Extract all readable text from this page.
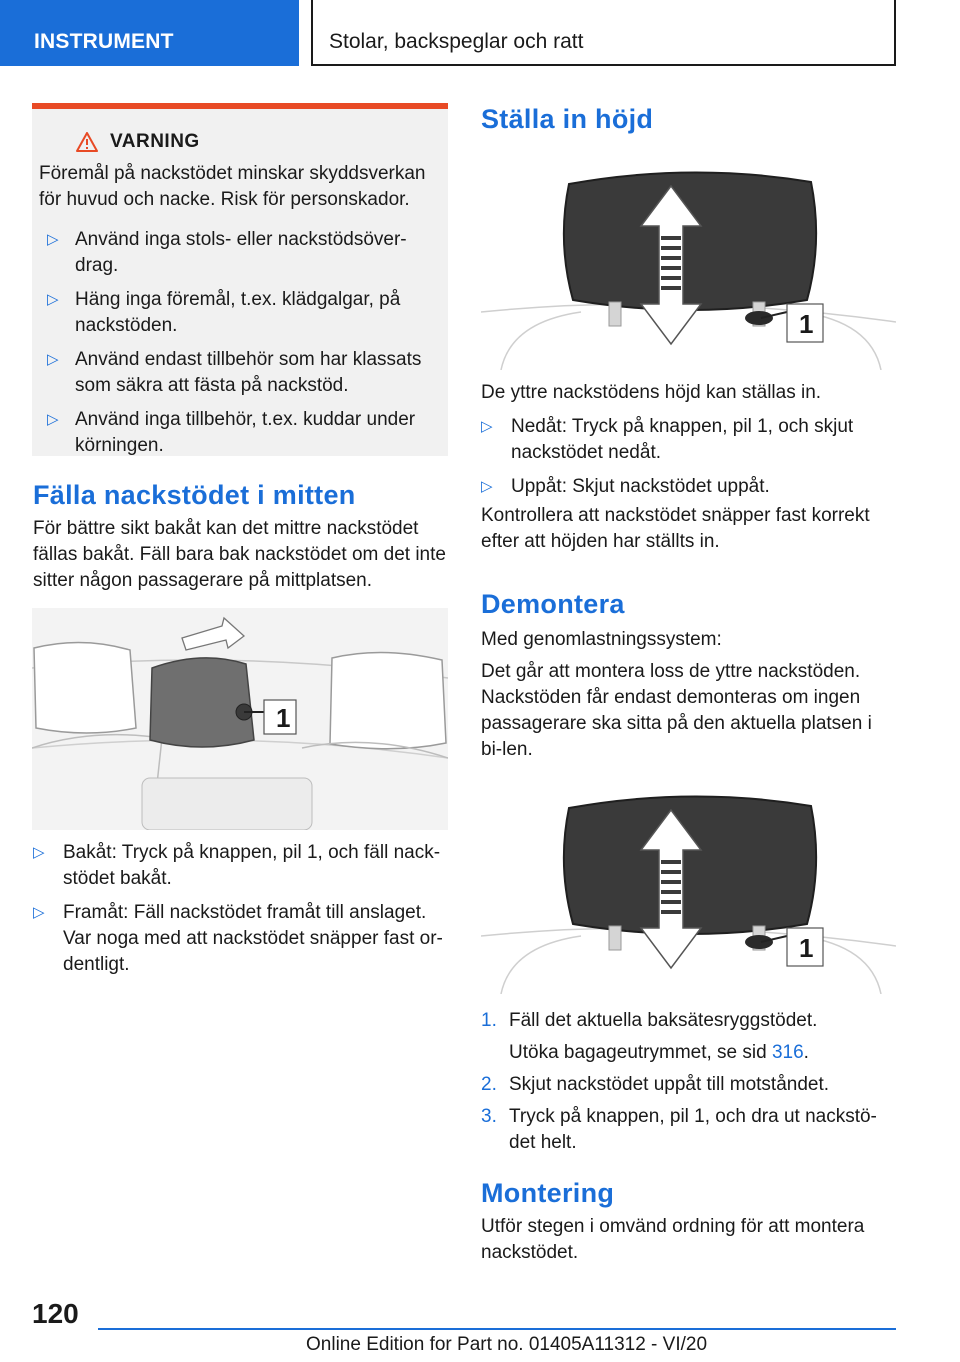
INSTRUMENT	Stolar, backspeglar och ratt
VARNING
Föremål på nackstödet minskar skyddsverkan för huvud och nacke. Risk för personskador.
▷ Använd inga stols- eller nackstödsöver-drag.
▷ Häng inga föremål, t.ex. klädgalgar, på nackstöden.
▷ Använd endast tillbehör som har klassats som säkra att fästa på nackstöd.
▷ Använd inga tillbehör, t.ex. kuddar under körningen.
Fälla nackstödet i mitten
För bättre sikt bakåt kan det mittre nackstödet fällas bakåt. Fäll bara bak nackstödet om det inte sitter någon passagerare på mittplatsen.
1
▷ Bakåt: Tryck på knappen, pil 1, och fäll nack-stödet bakåt.
▷ Framåt: Fäll nackstödet framåt till anslaget. Var noga med att nackstödet snäpper fast or-dentligt.
Ställa in höjd
1
De yttre nackstödens höjd kan ställas in.
▷ Nedåt: Tryck på knappen, pil 1, och skjut nackstödet nedåt.
▷ Uppåt: Skjut nackstödet uppåt.
Kontrollera att nackstödet snäpper fast korrekt efter att höjden har ställts in.
Demontera
Med genomlastningssystem:
Det går att montera loss de yttre nackstöden. Nackstöden får endast demonteras om ingen passagerare ska sitta på den aktuella platsen i bi-len.
1
1. Fäll det aktuella baksätesryggstödet.
Utöka bagageutrymmet, se sid 316.
2. Skjut nackstödet uppåt till motståndet.
3. Tryck på knappen, pil 1, och dra ut nackstö-det helt.
Montering
Utför stegen i omvänd ordning för att montera nackstödet.
120
Online Edition for Part no. 01405A11312 - VI/20
